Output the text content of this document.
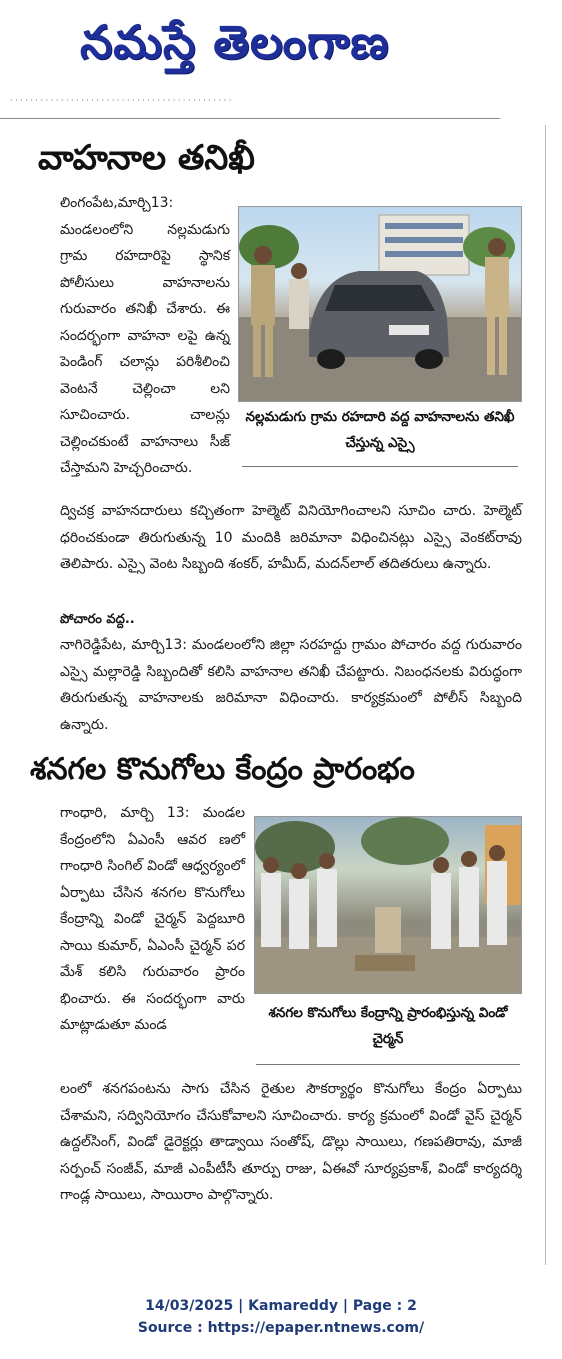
నమస్తే తెలంగాణ
· · · · · · · · · · · · · · · · · · · · · · · · · · · · · · · · · · · · · · · · · · · ·
వాహనాల తనిఖీ
లింగంపేట,మార్చి13: మండలంలోని నల్లమడుగు గ్రామ రహదారిపై స్థానిక పోలీసులు వాహనాలను గురువారం తనిఖీ చేశారు. ఈ సందర్భంగా వాహనా లపై ఉన్న పెండింగ్ చలాన్లు పరిశీలించి వెంటనే చెల్లించా లని సూచించారు. చాలన్లు చెల్లించకుంటే వాహనాలు సీజ్ చేస్తామని హెచ్చరించారు.
నల్లమడుగు గ్రామ రహదారి వద్ద వాహనాలను తనిఖీ చేస్తున్న ఎస్సై
ద్విచక్ర వాహనదారులు కచ్చితంగా హెల్మెట్ వినియోగించాలని సూచిం చారు. హెల్మెట్ ధరించకుండా తిరుగుతున్న 10 మందికి జరిమానా విధించినట్లు ఎస్సై వెంకట్‌రావు తెలిపారు. ఎస్సై వెంట సిబ్బంది శంకర్, హమీద్, మదన్‌లాల్ తదితరులు ఉన్నారు.
పోచారం వద్ద..
నాగిరెడ్డిపేట, మార్చి13: మండలంలోని జిల్లా సరహద్దు గ్రామం పోచారం వద్ద గురువారం ఎస్సై మల్లారెడ్డి సిబ్బందితో కలిసి వాహనాల తనిఖీ చేపట్టారు. నిబంధనలకు విరుద్ధంగా తిరుగుతున్న వాహనాలకు జరిమానా విధించారు. కార్యక్రమంలో పోలీస్ సిబ్బంది ఉన్నారు.
శనగల కొనుగోలు కేంద్రం ప్రారంభం
గాంధారి, మార్చి 13: మండల కేంద్రంలోని ఏఎంసీ ఆవర ణలో గాంధారి సింగిల్ విండో ఆధ్వర్యంలో ఏర్పాటు చేసిన శనగల కొనుగోలు కేంద్రాన్ని విండో చైర్మన్ పెద్దబూరి సాయి కుమార్, ఏఎంసీ చైర్మన్ పర మేశ్ కలిసి గురువారం ప్రారం భించారు. ఈ సందర్భంగా వారు మాట్లాడుతూ మండ
శనగల కొనుగోలు కేంద్రాన్ని ప్రారంభిస్తున్న విండో చైర్మన్
లంలో శనగపంటను సాగు చేసిన రైతుల సౌకర్యార్థం కొనుగోలు కేంద్రం ఏర్పాటు చేశామని, సద్వినియోగం చేసుకోవాలని సూచించారు. కార్య క్రమంలో విండో వైస్ చైర్మన్ ఉద్దల్‌సింగ్, విండో డైరెక్టర్లు తాడ్వాయి సంతోష్, డొల్లు సాయిలు, గణపతిరావు, మాజీ సర్పంచ్ సంజీవ్, మాజీ ఎంపీటీసీ తూర్పు రాజు, ఏఈవో సూర్యప్రకాశ్, విండో కార్యదర్శి గాండ్ల సాయిలు, సాయిరాం పాల్గొన్నారు.
14/03/2025 | Kamareddy | Page : 2
Source : https://epaper.ntnews.com/
